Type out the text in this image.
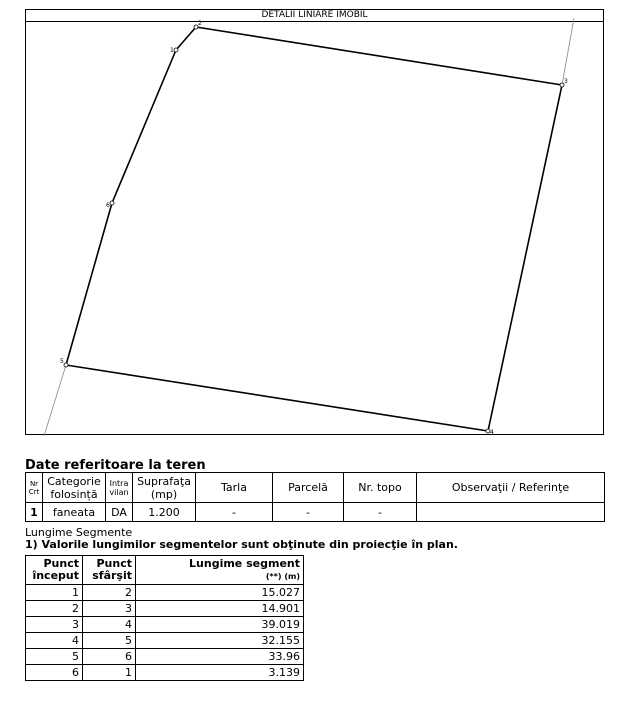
DETALII LINIARE IMOBIL
2
3
4
5
6
1
Date referitoare la teren
Nr Crt	Categorie folosință	Intra vilan	Suprafaţa (mp)	Tarla	Parcelă	Nr. topo	Observaţii / Referinţe
1	faneata	DA	1.200	-	-	-	
Lungime Segmente
1) Valorile lungimilor segmentelor sunt obţinute din proiecţie în plan.
Punct început	Punct sfârşit	Lungime segment
(**) (m)
1	2	15.027
2	3	14.901
3	4	39.019
4	5	32.155
5	6	33.96
6	1	3.139
